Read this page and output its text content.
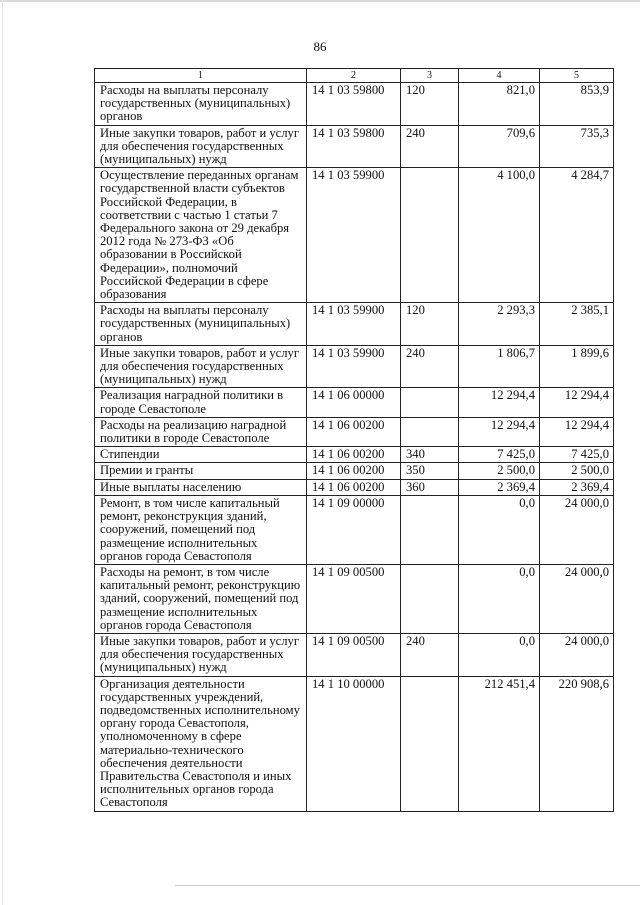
86
1	2	3	4	5
Расходы на выплаты персоналу государственных (муниципальных) органов	14 1 03 59800	120	821,0	853,9
Иные закупки товаров, работ и услуг для обеспечения государственных (муниципальных) нужд	14 1 03 59800	240	709,6	735,3
Осуществление переданных органам государственной власти субъектов Российской Федерации, в соответствии с частью 1 статьи 7 Федерального закона от 29 декабря 2012 года № 273-ФЗ «Об образовании в Российской Федерации», полномочий Российской Федерации в сфере образования	14 1 03 59900		4 100,0	4 284,7
Расходы на выплаты персоналу государственных (муниципальных) органов	14 1 03 59900	120	2 293,3	2 385,1
Иные закупки товаров, работ и услуг для обеспечения государственных (муниципальных) нужд	14 1 03 59900	240	1 806,7	1 899,6
Реализация наградной политики в городе Севастополе	14 1 06 00000		12 294,4	12 294,4
Расходы на реализацию наградной политики в городе Севастополе	14 1 06 00200		12 294,4	12 294,4
Стипендии	14 1 06 00200	340	7 425,0	7 425,0
Премии и гранты	14 1 06 00200	350	2 500,0	2 500,0
Иные выплаты населению	14 1 06 00200	360	2 369,4	2 369,4
Ремонт, в том числе капитальный ремонт, реконструкция зданий, сооружений, помещений под размещение исполнительных органов города Севастополя	14 1 09 00000		0,0	24 000,0
Расходы на ремонт, в том числе капитальный ремонт, реконструкцию зданий, сооружений, помещений под размещение исполнительных органов города Севастополя	14 1 09 00500		0,0	24 000,0
Иные закупки товаров, работ и услуг для обеспечения государственных (муниципальных) нужд	14 1 09 00500	240	0,0	24 000,0
Организация деятельности государственных учреждений, подведомственных исполнительному органу города Севастополя, уполномоченному в сфере материально-технического обеспечения деятельности Правительства Севастополя и иных исполнительных органов города Севастополя	14 1 10 00000		212 451,4	220 908,6
